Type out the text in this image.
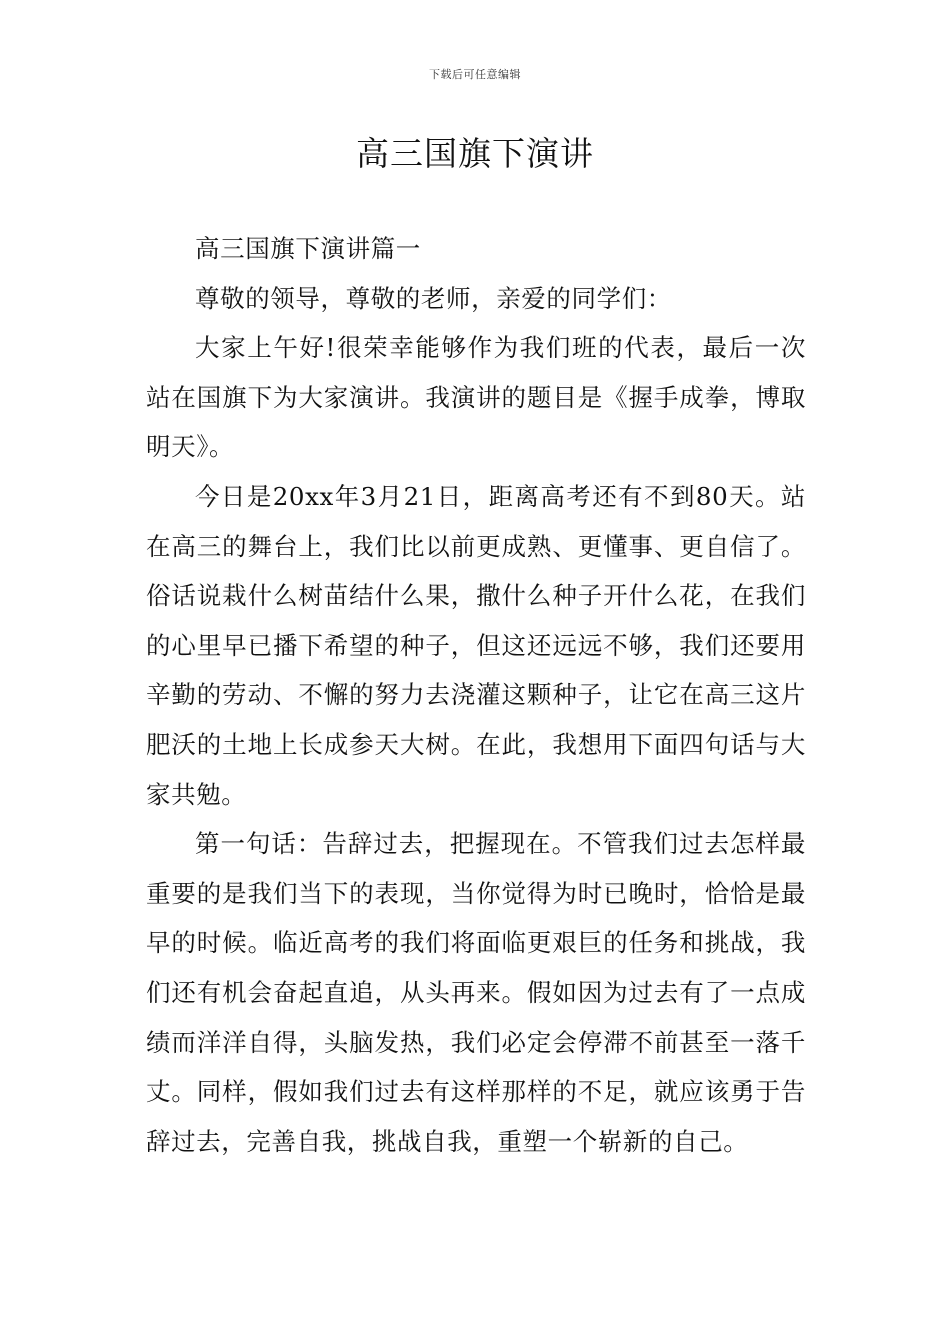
下载后可任意编辑
高三国旗下演讲

高三国旗下演讲篇一

尊敬的领导，尊敬的老师，亲爱的同学们：

大家上午好!很荣幸能够作为我们班的代表，最后一次站在国旗下为大家演讲。我演讲的题目是《握手成拳，博取明天》。

今日是20xx年3月21日，距离高考还有不到80天。站在高三的舞台上，我们比以前更成熟、更懂事、更自信了。俗话说栽什么树苗结什么果，撒什么种子开什么花，在我们的心里早已播下希望的种子，但这还远远不够，我们还要用辛勤的劳动、不懈的努力去浇灌这颗种子，让它在高三这片肥沃的土地上长成参天大树。在此，我想用下面四句话与大家共勉。

第一句话：告辞过去，把握现在。不管我们过去怎样最重要的是我们当下的表现，当你觉得为时已晚时，恰恰是最早的时候。临近高考的我们将面临更艰巨的任务和挑战，我们还有机会奋起直追，从头再来。假如因为过去有了一点成绩而洋洋自得，头脑发热，我们必定会停滞不前甚至一落千丈。同样，假如我们过去有这样那样的不足，就应该勇于告辞过去，完善自我，挑战自我，重塑一个崭新的自己。
